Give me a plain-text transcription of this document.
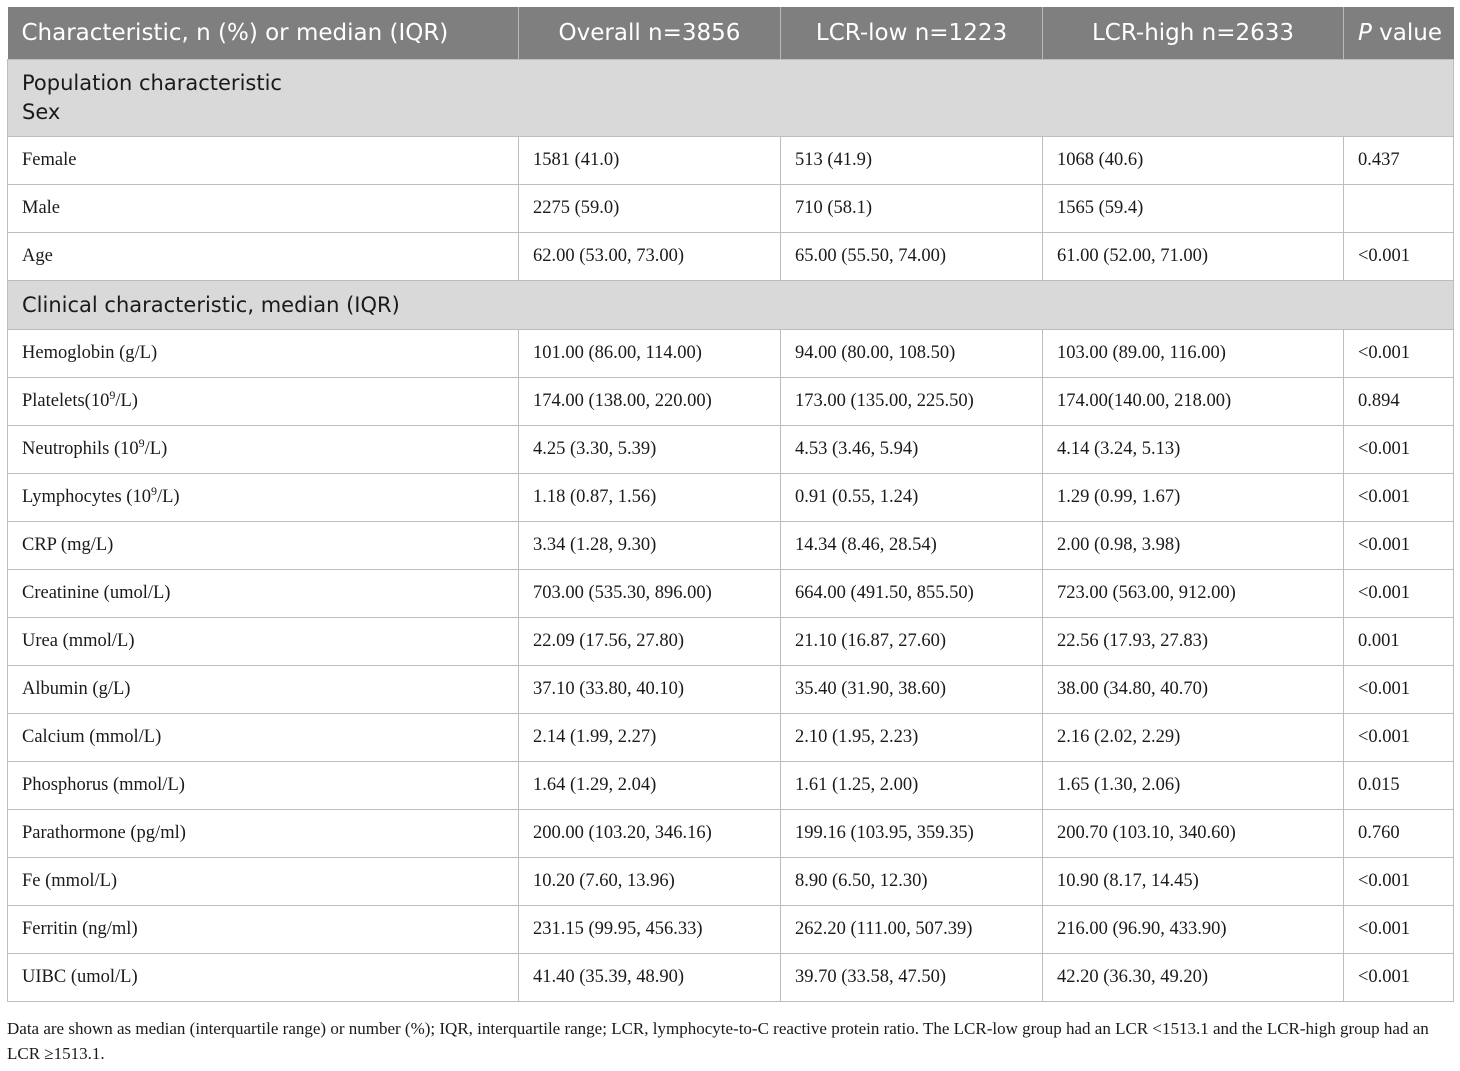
Characteristic, n (%) or median (IQR)	Overall n=3856	LCR-low n=1223	LCR-high n=2633	P value

Population characteristic
Sex				

Female	1581 (41.0)	513 (41.9)	1068 (40.6)	0.437
Male	2275 (59.0)	710 (58.1)	1565 (59.4)	
Age	62.00 (53.00, 73.00)	65.00 (55.50, 74.00)	61.00 (52.00, 71.00)	<0.001
Clinical characteristic, median (IQR)				
Hemoglobin (g/L)	101.00 (86.00, 114.00)	94.00 (80.00, 108.50)	103.00 (89.00, 116.00)	<0.001
$Platelets(10^9/L)$	174.00 (138.00, 220.00)	173.00 (135.00, 225.50)	174.00(140.00, 218.00)	0.894
Neutrophils $(10^9/L)$	4.25 (3.30, 5.39)	4.53 (3.46, 5.94)	4.14 (3.24, 5.13)	<0.001
Lymphocytes $(10^9/L)$	1.18 (0.87, 1.56)	0.91 (0.55, 1.24)	1.29 (0.99, 1.67)	<0.001
CRP (mg/L)	3.34 (1.28, 9.30)	14.34 (8.46, 28.54)	2.00 (0.98, 3.98)	<0.001
Creatinine (umol/L)	703.00 (535.30, 896.00)	664.00 (491.50, 855.50)	723.00 (563.00, 912.00)	<0.001
Urea (mmol/L)	22.09 (17.56, 27.80)	21.10 (16.87, 27.60)	22.56 (17.93, 27.83)	0.001
Albumin (g/L)	37.10 (33.80, 40.10)	35.40 (31.90, 38.60)	38.00 (34.80, 40.70)	<0.001
Calcium (mmol/L)	2.14 (1.99, 2.27)	2.10 (1.95, 2.23)	2.16 (2.02, 2.29)	<0.001
Phosphorus (mmol/L)	1.64 (1.29, 2.04)	1.61 (1.25, 2.00)	1.65 (1.30, 2.06)	0.015
Parathormone (pg/ml)	200.00 (103.20, 346.16)	199.16 (103.95, 359.35)	200.70 (103.10, 340.60)	0.760
Fe (mmol/L)	10.20 (7.60, 13.96)	8.90 (6.50, 12.30)	10.90 (8.17, 14.45)	<0.001
Ferritin (ng/ml)	231.15 (99.95, 456.33)	262.20 (111.00, 507.39)	216.00 (96.90, 433.90)	<0.001
UIBC (umol/L)	41.40 (35.39, 48.90)	39.70 (33.58, 47.50)	42.20 (36.30, 49.20)	<0.001
Data are shown as median (interquartile range) or number (%); IQR, interquartile range; LCR, lymphocyte-to-C reactive protein ratio. The LCR-low group had an LCR <1513.1 and the LCR-high group had an LCR ≥1513.1.
